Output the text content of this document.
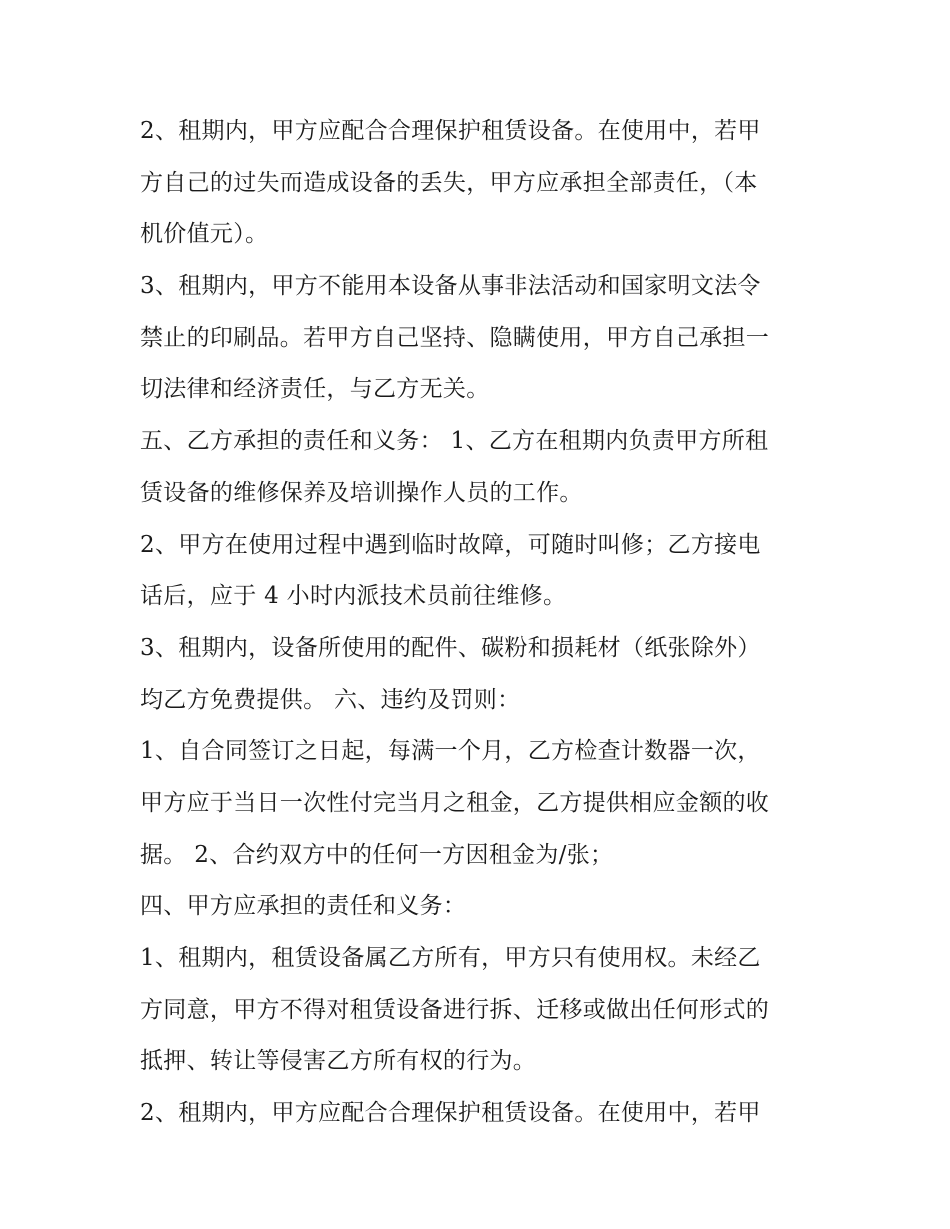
2、租期内，甲方应配合合理保护租赁设备。在使用中，若甲
方自己的过失而造成设备的丢失，甲方应承担全部责任，（本
机价值元）。
3、租期内，甲方不能用本设备从事非法活动和国家明文法令
禁止的印刷品。若甲方自己坚持、隐瞒使用，甲方自己承担一
切法律和经济责任，与乙方无关。
五、乙方承担的责任和义务： 1、乙方在租期内负责甲方所租
赁设备的维修保养及培训操作人员的工作。
2、甲方在使用过程中遇到临时故障，可随时叫修；乙方接电
话后，应于 4 小时内派技术员前往维修。
3、租期内，设备所使用的配件、碳粉和损耗材（纸张除外）
均乙方免费提供。 六、违约及罚则：
1、自合同签订之日起，每满一个月，乙方检查计数器一次，
甲方应于当日一次性付完当月之租金，乙方提供相应金额的收
据。 2、合约双方中的任何一方因租金为/张；
四、甲方应承担的责任和义务：
1、租期内，租赁设备属乙方所有，甲方只有使用权。未经乙
方同意，甲方不得对租赁设备进行拆、迁移或做出任何形式的
抵押、转让等侵害乙方所有权的行为。
2、租期内，甲方应配合合理保护租赁设备。在使用中，若甲
